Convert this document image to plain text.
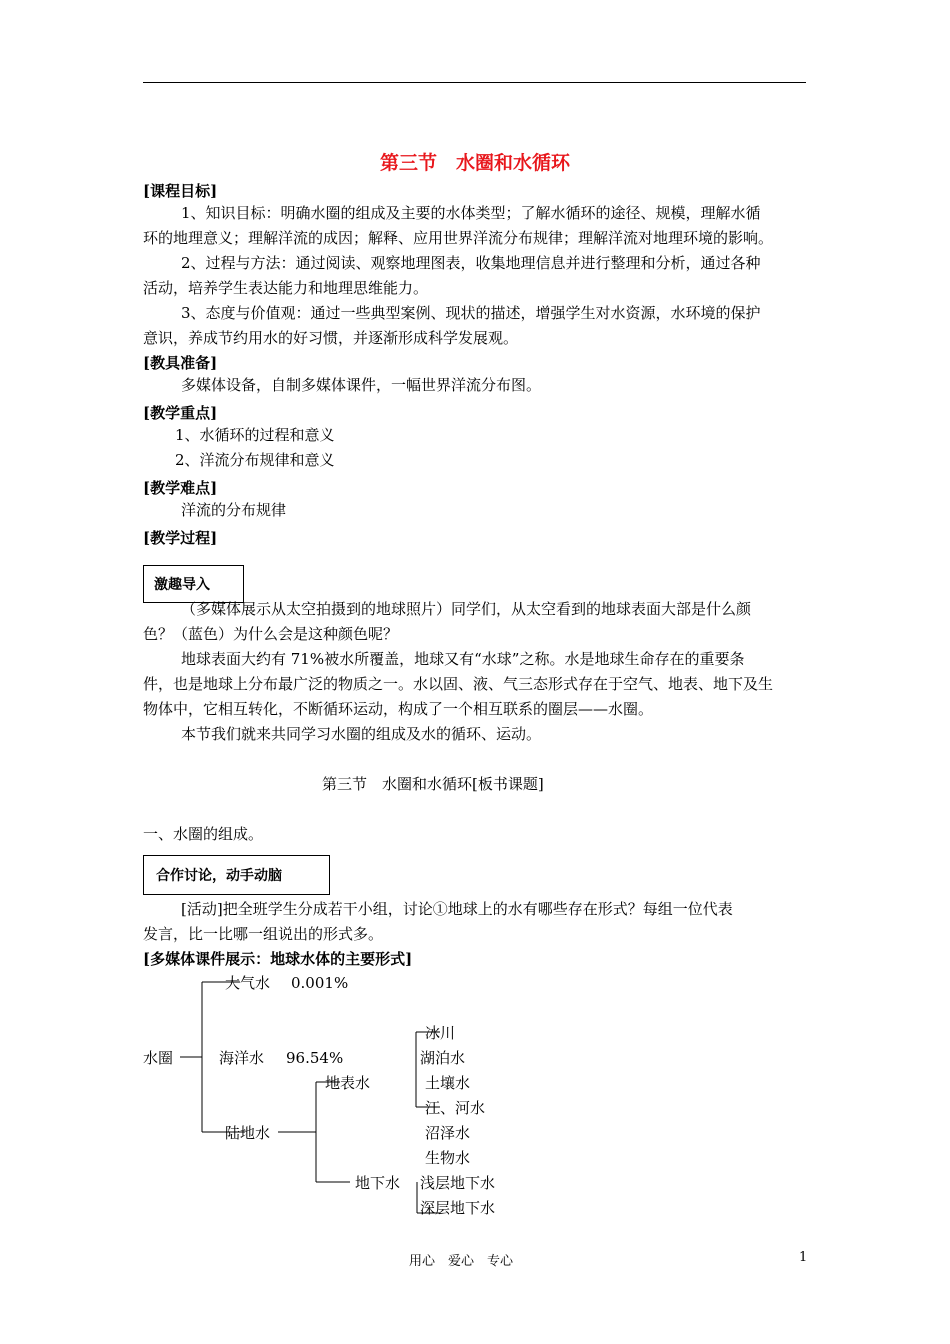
第三节　水圈和水循环
[课程目标]
1、知识目标：明确水圈的组成及主要的水体类型；了解水循环的途径、规模，理解水循
环的地理意义；理解洋流的成因；解释、应用世界洋流分布规律；理解洋流对地理环境的影响。
2、过程与方法：通过阅读、观察地理图表，收集地理信息并进行整理和分析，通过各种
活动，培养学生表达能力和地理思维能力。
3、态度与价值观：通过一些典型案例、现状的描述，增强学生对水资源，水环境的保护
意识，养成节约用水的好习惯，并逐渐形成科学发展观。
[教具准备]
多媒体设备，自制多媒体课件，一幅世界洋流分布图。
[教学重点]
1、水循环的过程和意义
2、洋流分布规律和意义
[教学难点]
洋流的分布规律
[教学过程]
激趣导入
（多媒体展示从太空拍摄到的地球照片）同学们，从太空看到的地球表面大部是什么颜
色？（蓝色）为什么会是这种颜色呢？
地球表面大约有 71%被水所覆盖，地球又有“水球”之称。水是地球生命存在的重要条
件，也是地球上分布最广泛的物质之一。水以固、液、气三态形式存在于空气、地表、地下及生
物体中，它相互转化，不断循环运动，构成了一个相互联系的圈层——水圈。
本节我们就来共同学习水圈的组成及水的循环、运动。
第三节　水圈和水循环[板书课题]
一、水圈的组成。
合作讨论，动手动脑
[活动]把全班学生分成若干小组，讨论①地球上的水有哪些存在形式？每组一位代表
发言，比一比哪一组说出的形式多。
[多媒体课件展示：地球水体的主要形式]
水圈
大气水 0.001%
海洋水 96.54%
陆地水
地表水
地下水
冰川
湖泊水
土壤水
江、河水
沼泽水
生物水
浅层地下水
深层地下水
用心　爱心　专心	1
